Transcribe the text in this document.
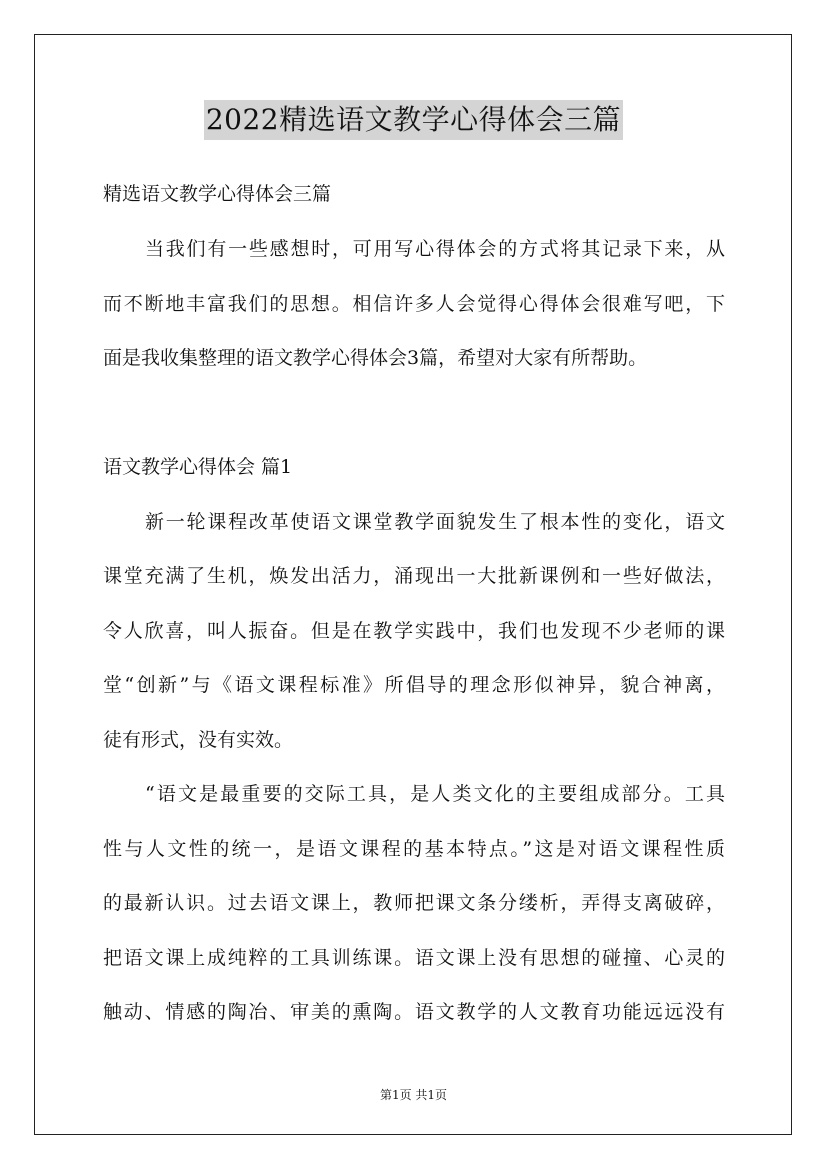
2022精选语文教学心得体会三篇
精选语文教学心得体会三篇
当我们有一些感想时，可用写心得体会的方式将其记录下来，从
而不断地丰富我们的思想。相信许多人会觉得心得体会很难写吧，下
面是我收集整理的语文教学心得体会3篇，希望对大家有所帮助。
语文教学心得体会 篇1
新一轮课程改革使语文课堂教学面貌发生了根本性的变化，语文
课堂充满了生机，焕发出活力，涌现出一大批新课例和一些好做法，
令人欣喜，叫人振奋。但是在教学实践中，我们也发现不少老师的课
堂“创新”与《语文课程标准》所倡导的理念形似神异，貌合神离，
徒有形式，没有实效。
“语文是最重要的交际工具，是人类文化的主要组成部分。工具
性与人文性的统一，是语文课程的基本特点。”这是对语文课程性质
的最新认识。过去语文课上，教师把课文条分缕析，弄得支离破碎，
把语文课上成纯粹的工具训练课。语文课上没有思想的碰撞、心灵的
触动、情感的陶冶、审美的熏陶。语文教学的人文教育功能远远没有
第1页 共1页
